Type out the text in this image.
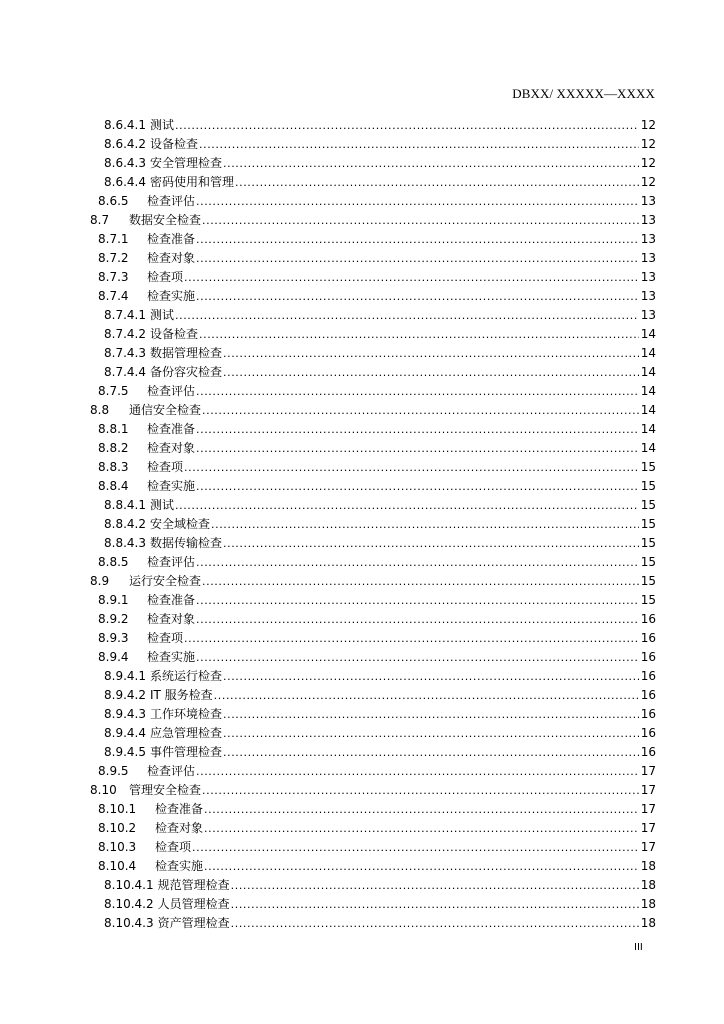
DBXX/ XXXXX—XXXX
8.6.4.1 测试 .....	12
8.6.4.2 设备检查 .....	12
8.6.4.3 安全管理检查 .....	12
8.6.4.4 密码使用和管理 .....	12
8.6.5	检查评估 .....	13
8.7	数据安全检查 .....	13
8.7.1	检查准备 .....	13
8.7.2	检查对象 .....	13
8.7.3	检查项 .....	13
8.7.4	检查实施 .....	13
8.7.4.1 测试 .....	13
8.7.4.2 设备检查 .....	14
8.7.4.3 数据管理检查 .....	14
8.7.4.4 备份容灾检查 .....	14
8.7.5	检查评估 .....	14
8.8	通信安全检查 .....	14
8.8.1	检查准备 .....	14
8.8.2	检查对象 .....	14
8.8.3	检查项 .....	15
8.8.4	检查实施 .....	15
8.8.4.1 测试 .....	15
8.8.4.2 安全域检查 .....	15
8.8.4.3 数据传输检查 .....	15
8.8.5	检查评估 .....	15
8.9	运行安全检查 .....	15
8.9.1	检查准备 .....	15
8.9.2	检查对象 .....	16
8.9.3	检查项 .....	16
8.9.4	检查实施 .....	16
8.9.4.1 系统运行检查 .....	16
8.9.4.2 IT 服务检查 .....	16
8.9.4.3 工作环境检查 .....	16
8.9.4.4 应急管理检查 .....	16
8.9.4.5 事件管理检查 .....	16
8.9.5	检查评估 .....	17
8.10	管理安全检查 .....	17
8.10.1	检查准备 .....	17
8.10.2	检查对象 .....	17
8.10.3	检查项 .....	17
8.10.4	检查实施 .....	18
8.10.4.1 规范管理检查 .....	18
8.10.4.2 人员管理检查 .....	18
8.10.4.3 资产管理检查 .....	18
III
